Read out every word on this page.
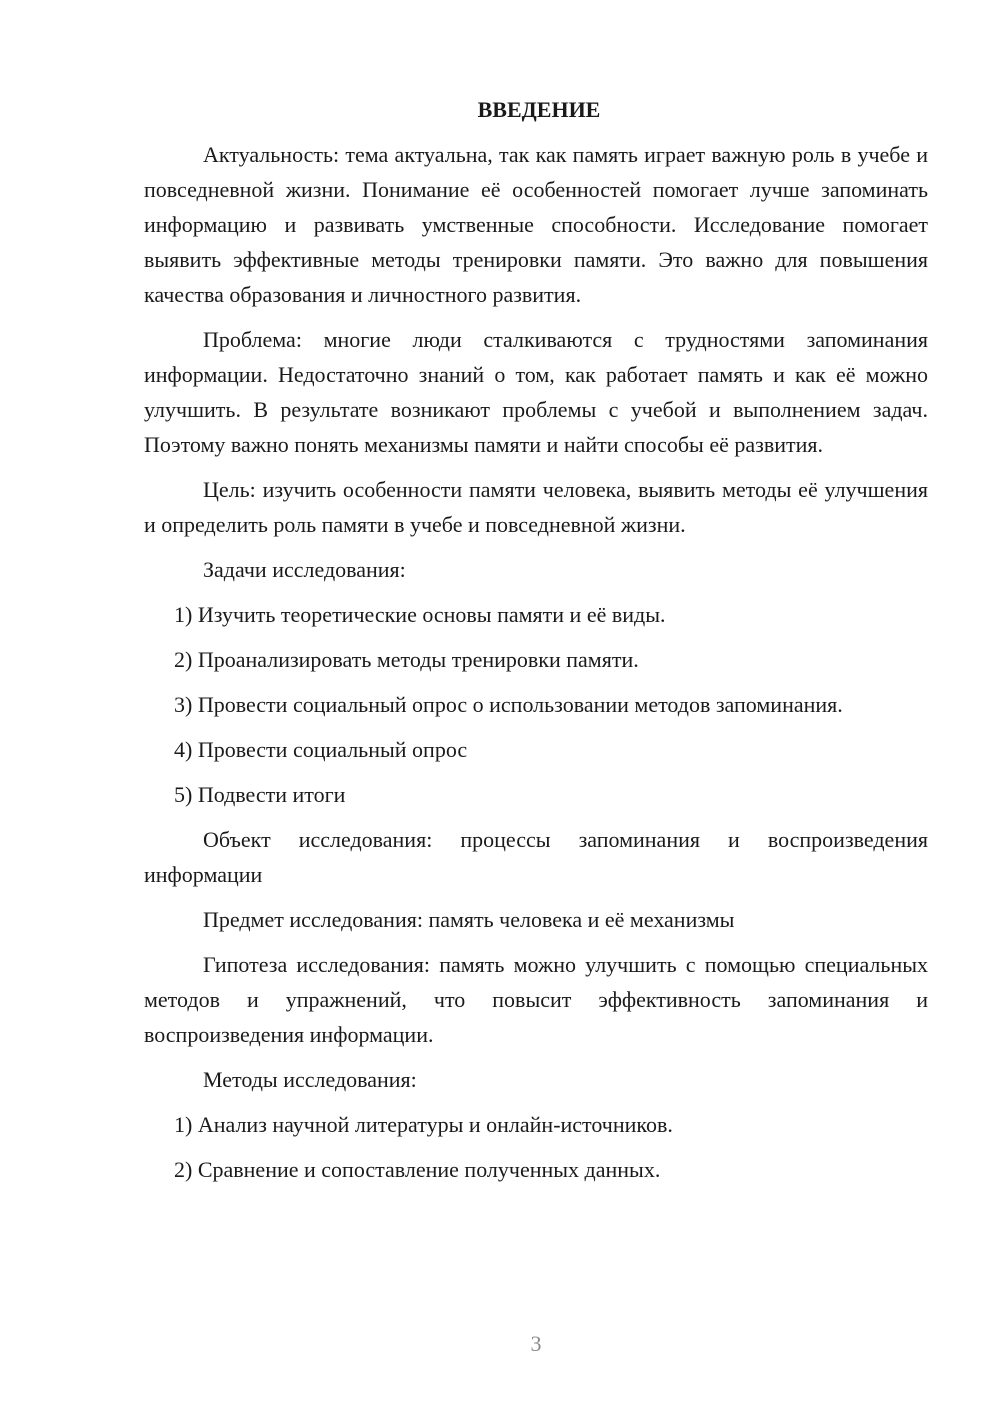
ВВЕДЕНИЕ

Актуальность: тема актуальна, так как память играет важную роль в учебе и повседневной жизни. Понимание её особенностей помогает лучше запоминать информацию и развивать умственные способности. Исследование помогает выявить эффективные методы тренировки памяти. Это важно для повышения качества образования и личностного развития.

Проблема: многие люди сталкиваются с трудностями запоминания информации. Недостаточно знаний о том, как работает память и как её можно улучшить. В результате возникают проблемы с учебой и выполнением задач. Поэтому важно понять механизмы памяти и найти способы её развития.

Цель: изучить особенности памяти человека, выявить методы её улучшения и определить роль памяти в учебе и повседневной жизни.

Задачи исследования:

1) Изучить теоретические основы памяти и её виды.

2) Проанализировать методы тренировки памяти.

3) Провести социальный опрос о использовании методов запоминания.

4) Провести социальный опрос

5) Подвести итоги

Объект исследования: процессы запоминания и воспроизведения информации

Предмет исследования: память человека и её механизмы

Гипотеза исследования: память можно улучшить с помощью специальных методов и упражнений, что повысит эффективность запоминания и воспроизведения информации.

Методы исследования:

1) Анализ научной литературы и онлайн-источников.

2) Сравнение и сопоставление полученных данных.

3
